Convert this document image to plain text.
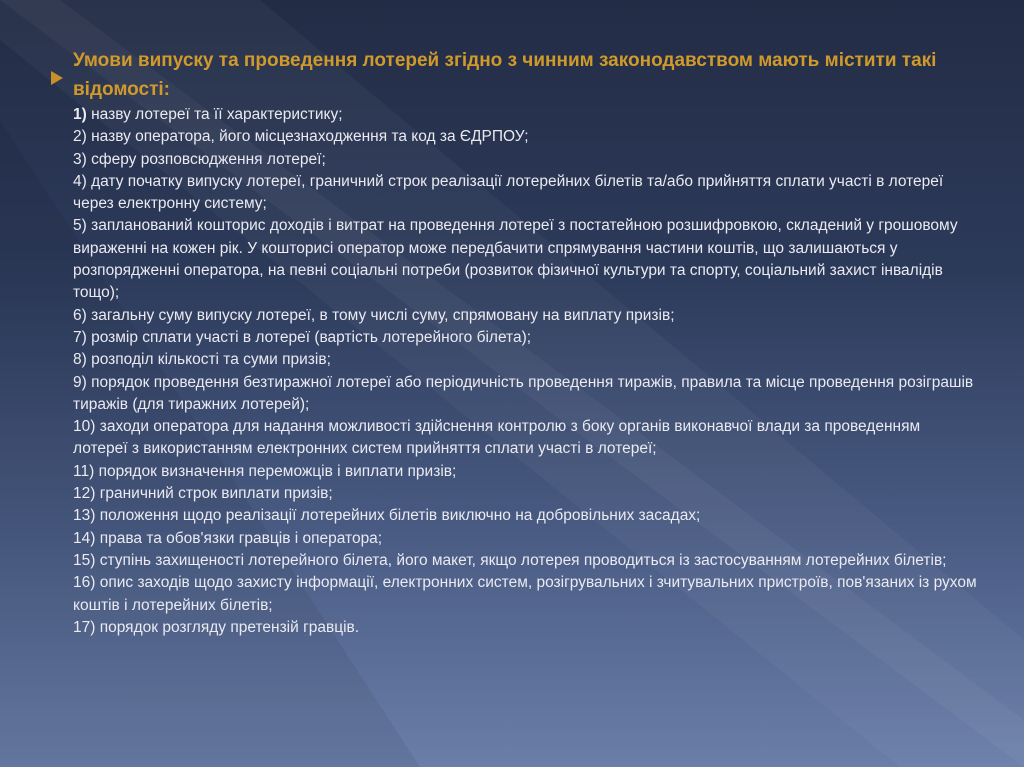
Умови випуску та проведення лотерей згідно з чинним законодавством мають містити такі відомості:
1) назву лотереї та її характеристику;
2) назву оператора, його місцезнаходження та код за ЄДРПОУ;
3) сферу розповсюдження лотереї;
4) дату початку випуску лотереї, граничний строк реалізації лотерейних білетів та/або прийняття сплати участі в лотереї через електронну систему;
5) запланований кошторис доходів і витрат на проведення лотереї з постатейною розшифровкою, складений у грошовому вираженні на кожен рік. У кошторисі оператор може передбачити спрямування частини коштів, що залишаються у розпорядженні оператора, на певні соціальні потреби (розвиток фізичної культури та спорту, соціальний захист інвалідів тощо);
6) загальну суму випуску лотереї, в тому числі суму, спрямовану на виплату призів;
7) розмір сплати участі в лотереї (вартість лотерейного білета);
8) розподіл кількості та суми призів;
9) порядок проведення безтиражної лотереї або періодичність проведення тиражів, правила та місце проведення розіграшів тиражів (для тиражних лотерей);
10) заходи оператора для надання можливості здійснення контролю з боку органів виконавчої влади за проведенням лотереї з використанням електронних систем прийняття сплати участі в лотереї;
11) порядок визначення переможців і виплати призів;
12) граничний строк виплати призів;
13) положення щодо реалізації лотерейних білетів виключно на добровільних засадах;
14) права та обов'язки гравців і оператора;
15) ступінь захищеності лотерейного білета, його макет, якщо лотерея проводиться із застосуванням лотерейних білетів;
16) опис заходів щодо захисту інформації, електронних систем, розігрувальних і зчитувальних пристроїв, пов'язаних із рухом коштів і лотерейних білетів;
17) порядок розгляду претензій гравців.
